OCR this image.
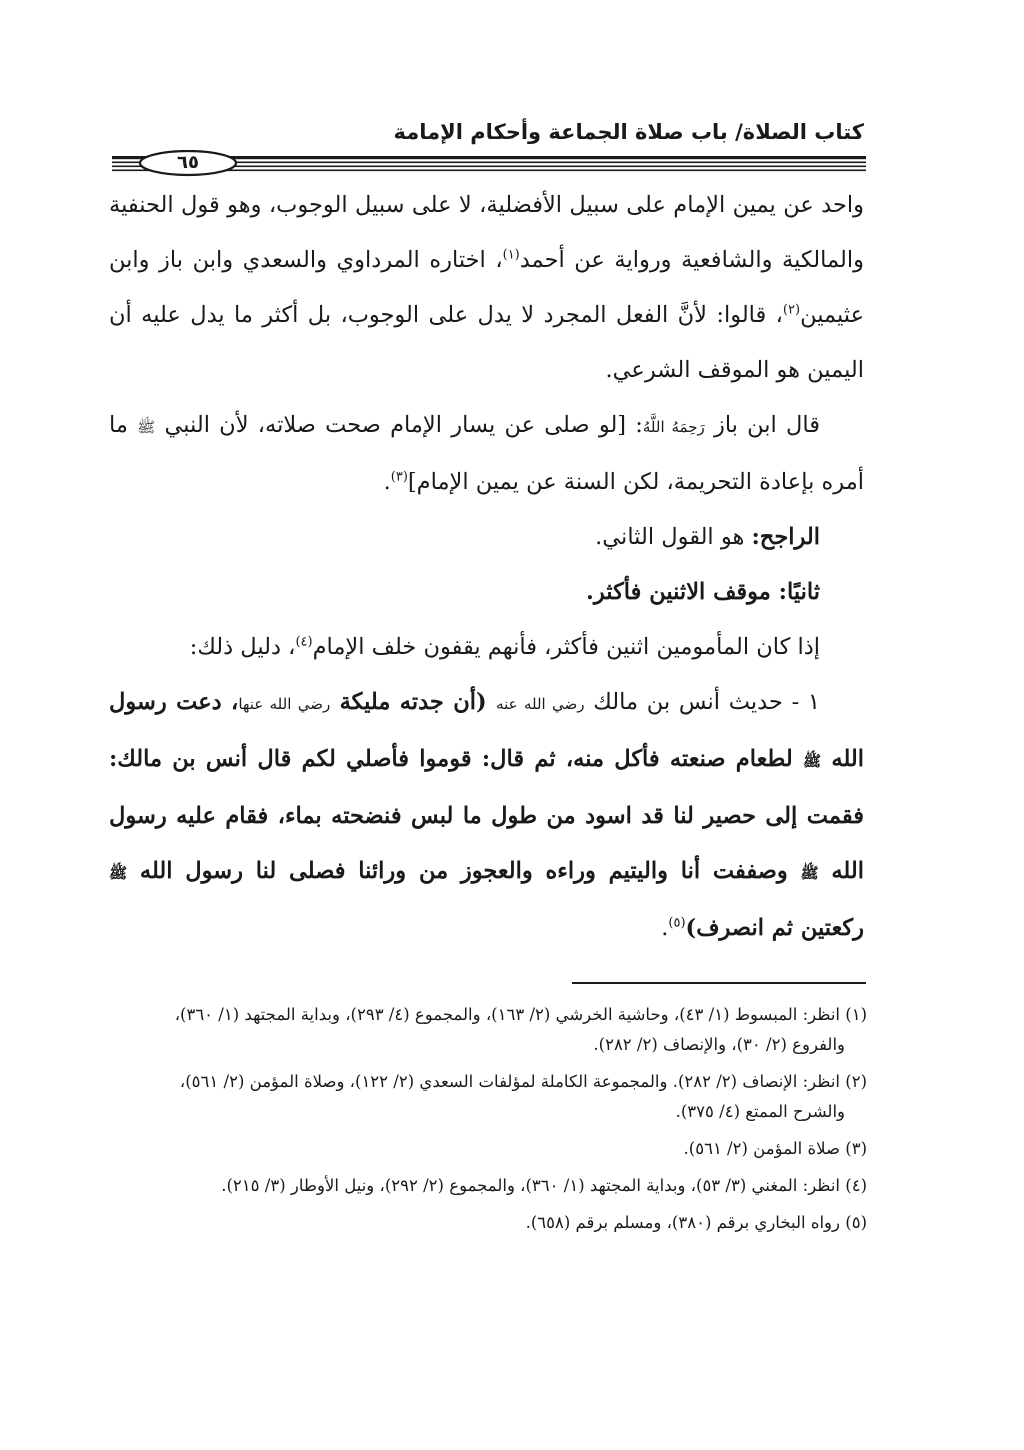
كتاب الصلاة/ باب صلاة الجماعة وأحكام الإمامة
٦٥

واحد عن يمين الإمام على سبيل الأفضلية، لا على سبيل الوجوب، وهو قول الحنفية والمالكية والشافعية ورواية عن أحمد$^{(١)}$، اختاره المرداوي والسعدي وابن باز وابن عثيمين$^{(٢)}$، قالوا: لأنَّ الفعل المجرد لا يدل على الوجوب، بل أكثر ما يدل عليه أن اليمين هو الموقف الشرعي.

قال ابن باز رَحِمَهُ اللَّهُ: [لو صلى عن يسار الإمام صحت صلاته، لأن النبي ﷺ ما أمره بإعادة التحريمة، لكن السنة عن يمين الإمام]$^{(٣)}$.

الراجح: هو القول الثاني.

ثانيًا: موقف الاثنين فأكثر.

إذا كان المأمومين اثنين فأكثر، فأنهم يقفون خلف الإمام$^{(٤)}$، دليل ذلك:

١ - حديث أنس بن مالك رضي الله عنه (أن جدته مليكة رضي الله عنها، دعت رسول الله ﷺ لطعام صنعته فأكل منه، ثم قال: قوموا فأصلي لكم قال أنس بن مالك: فقمت إلى حصير لنا قد اسود من طول ما لبس فنضحته بماء، فقام عليه رسول الله ﷺ وصففت أنا واليتيم وراءه والعجوز من ورائنا فصلى لنا رسول الله ﷺ ركعتين ثم انصرف)$^{(٥)}$.

(١) انظر: المبسوط (١/ ٤٣)، وحاشية الخرشي (٢/ ١٦٣)، والمجموع (٤/ ٢٩٣)، وبداية المجتهد (١/ ٣٦٠)،
والفروع (٢/ ٣٠)، والإنصاف (٢/ ٢٨٢).

(٢) انظر: الإنصاف (٢/ ٢٨٢). والمجموعة الكاملة لمؤلفات السعدي (٢/ ١٢٢)، وصلاة المؤمن (٢/ ٥٦١)،
والشرح الممتع (٤/ ٣٧٥).

(٣) صلاة المؤمن (٢/ ٥٦١).

(٤) انظر: المغني (٣/ ٥٣)، وبداية المجتهد (١/ ٣٦٠)، والمجموع (٢/ ٢٩٢)، ونيل الأوطار (٣/ ٢١٥).

(٥) رواه البخاري برقم (٣٨٠)، ومسلم برقم (٦٥٨).
